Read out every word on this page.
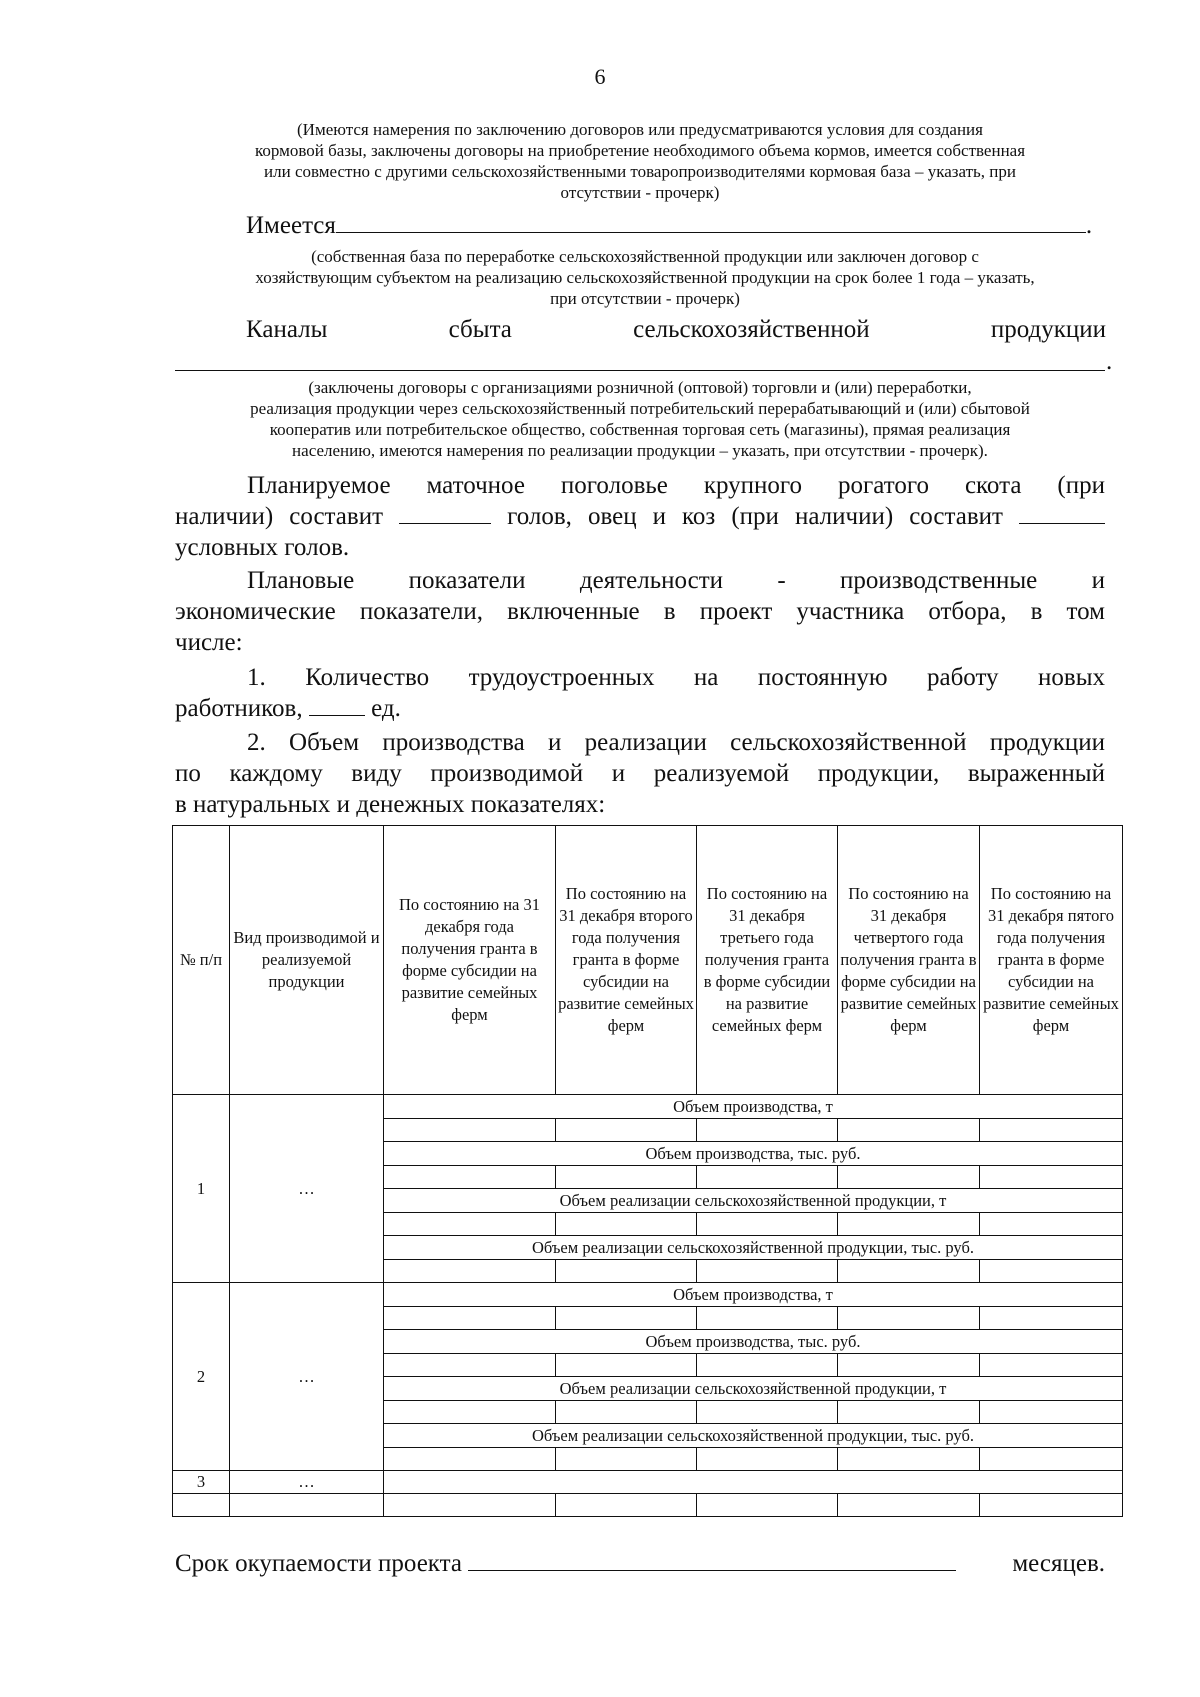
6
(Имеются намерения по заключению договоров или предусматриваются условия для создания
кормовой базы, заключены договоры на приобретение необходимого объема кормов, имеется собственная
или совместно с другими сельскохозяйственными товаропроизводителями кормовая база – указать, при
отсутствии - прочерк)
Имеется	.
(собственная база по переработке сельскохозяйственной продукции или заключен договор с
хозяйствующим субъектом на реализацию сельскохозяйственной продукции на срок более 1 года – указать,
при отсутствии - прочерк)
Каналы	сбыта	сельскохозяйственной	продукции
.
(заключены договоры с организациями розничной (оптовой) торговли и (или) переработки,
реализация продукции через сельскохозяйственный потребительский перерабатывающий и (или) сбытовой
кооператив или потребительское общество, собственная торговая сеть (магазины), прямая реализация
населению, имеются намерения по реализации продукции – указать, при отсутствии - прочерк).
Планируемое маточное поголовье крупного рогатого скота (при
наличии) составит	голов, овец и коз (при наличии) составит
условных голов.
Плановые показатели деятельности - производственные и
экономические показатели, включенные в проект участника отбора, в том
числе:
1. Количество трудоустроенных на постоянную работу новых
работников,	ед.
2. Объем производства и реализации сельскохозяйственной продукции
по каждому виду производимой и реализуемой продукции, выраженный
в натуральных и денежных показателях:
№ п/п	Вид производимой и реализуемой продукции	По состоянию на 31 декабря года получения гранта в форме субсидии на развитие семейных ферм	По состоянию на 31 декабря второго года получения гранта в форме субсидии на развитие семейных ферм	По состоянию на 31 декабря третьего года получения гранта в форме субсидии на развитие семейных ферм	По состоянию на 31 декабря четвертого года получения гранта в форме субсидии на развитие семейных ферм	По состоянию на 31 декабря пятого года получения гранта в форме субсидии на развитие семейных ферм
1	…	Объем производства, т				

		Объем производства, тыс. руб.				

		Объем реализации сельскохозяйственной продукции, т				

		Объем реализации сельскохозяйственной продукции, тыс. руб.				

2	…	Объем производства, т				

		Объем производства, тыс. руб.				

		Объем реализации сельскохозяйственной продукции, т				

		Объем реализации сельскохозяйственной продукции, тыс. руб.				

3	…					

Срок окупаемости проекта	месяцев.
